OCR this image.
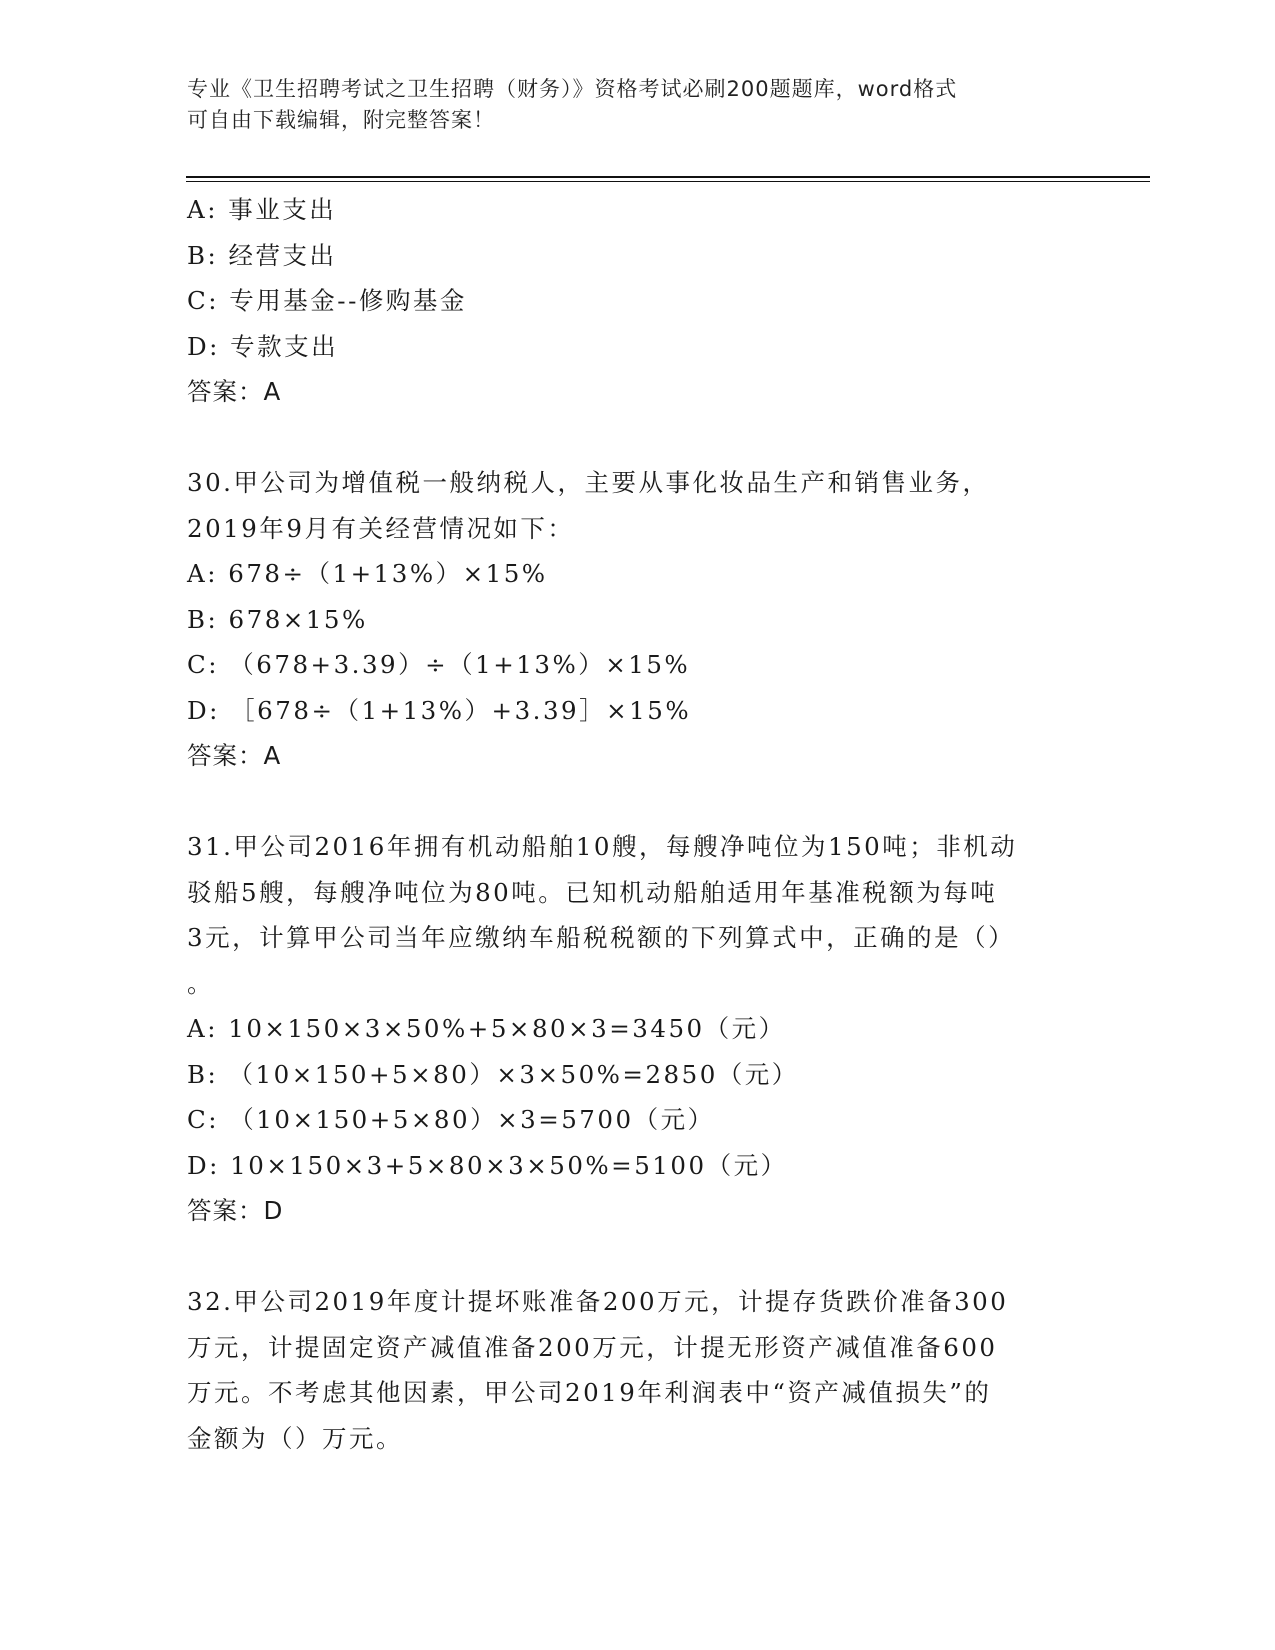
专业《卫生招聘考试之卫生招聘（财务）》资格考试必刷200题题库，word格式

可自由下载编辑，附完整答案！

A: 事业支出

B: 经营支出

C: 专用基金--修购基金

D: 专款支出

答案：A

30.甲公司为增值税一般纳税人，主要从事化妆品生产和销售业务，

2019年9月有关经营情况如下：

A: 678÷（1+13%）×15%

B: 678×15%

C: （678+3.39）÷（1+13%）×15%

D: ［678÷（1+13%）+3.39］×15%

答案：A

31.甲公司2016年拥有机动船舶10艘，每艘净吨位为150吨；非机动

驳船5艘，每艘净吨位为80吨。已知机动船舶适用年基准税额为每吨

3元，计算甲公司当年应缴纳车船税税额的下列算式中，正确的是（）

。

A: 10×150×3×50%+5×80×3=3450（元）

B: （10×150+5×80）×3×50%=2850（元）

C: （10×150+5×80）×3=5700（元）

D: 10×150×3+5×80×3×50%=5100（元）

答案：D

32.甲公司2019年度计提坏账准备200万元，计提存货跌价准备300

万元，计提固定资产减值准备200万元，计提无形资产减值准备600

万元。不考虑其他因素，甲公司2019年利润表中“资产减值损失”的

金额为（）万元。
